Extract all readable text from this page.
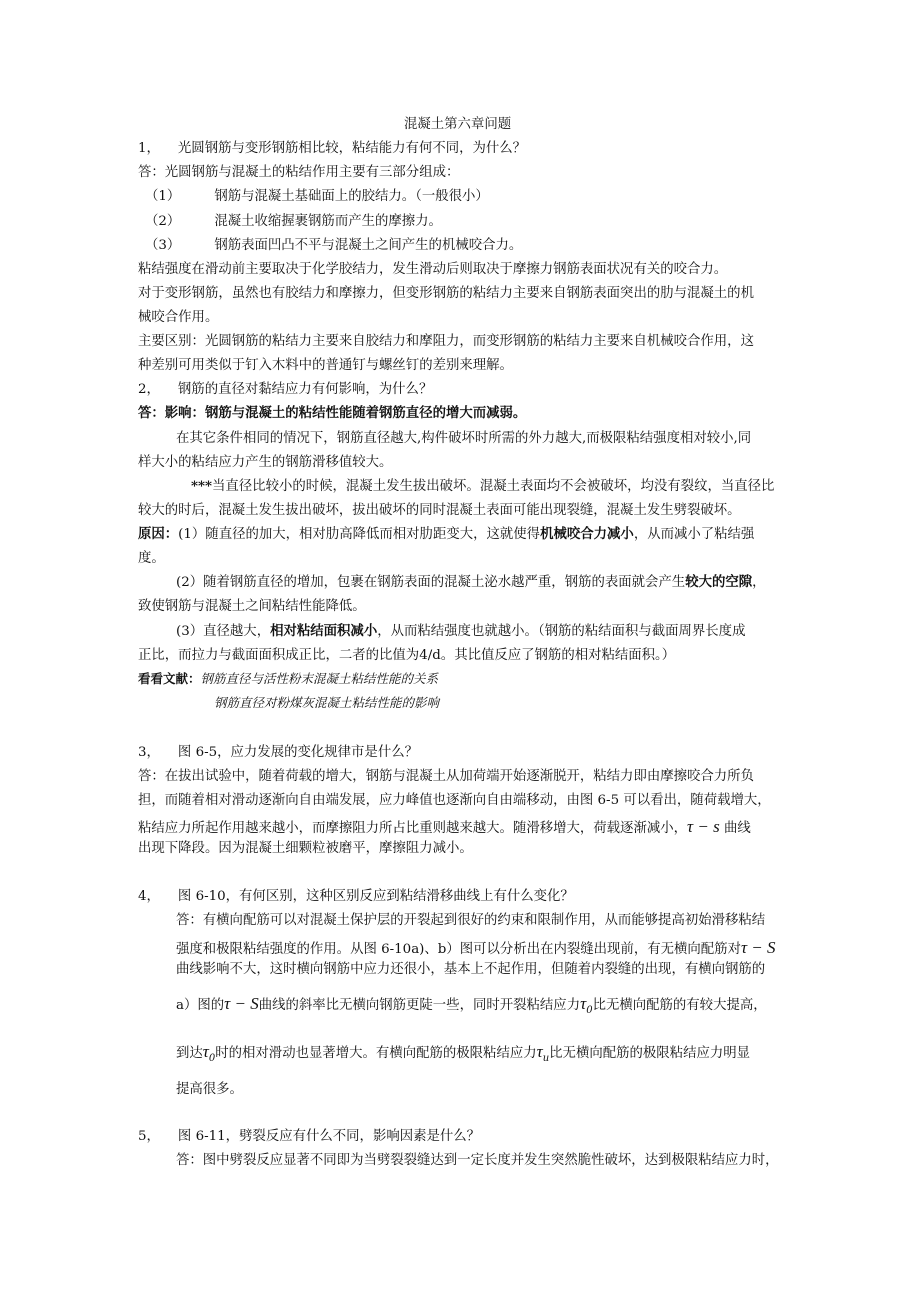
混凝土第六章问题
1， 光圆钢筋与变形钢筋相比较，粘结能力有何不同，为什么？
答：光圆钢筋与混凝土的粘结作用主要有三部分组成：
（1）	钢筋与混凝土基础面上的胶结力。（一般很小）
（2）	混凝土收缩握裹钢筋而产生的摩擦力。
（3）	钢筋表面凹凸不平与混凝土之间产生的机械咬合力。
粘结强度在滑动前主要取决于化学胶结力，发生滑动后则取决于摩擦力钢筋表面状况有关的咬合力。
对于变形钢筋，虽然也有胶结力和摩擦力，但变形钢筋的粘结力主要来自钢筋表面突出的肋与混凝土的机
械咬合作用。
主要区别：光圆钢筋的粘结力主要来自胶结力和摩阻力，而变形钢筋的粘结力主要来自机械咬合作用，这
种差别可用类似于钉入木料中的普通钉与螺丝钉的差别来理解。
2， 钢筋的直径对黏结应力有何影响，为什么？
答：影响：钢筋与混凝土的粘结性能随着钢筋直径的增大而减弱。
在其它条件相同的情况下，钢筋直径越大,构件破坏时所需的外力越大,而极限粘结强度相对较小,同
样大小的粘结应力产生的钢筋滑移值较大。
***当直径比较小的时候，混凝土发生拔出破坏。混凝土表面均不会被破坏，均没有裂纹，当直径比
较大的时后，混凝土发生拔出破坏，拔出破坏的同时混凝土表面可能出现裂缝，混凝土发生劈裂破坏。
原因：(1）随直径的加大，相对肋高降低而相对肋距变大，这就使得机械咬合力减小，从而减小了粘结强
度。
(2）随着钢筋直径的增加，包裹在钢筋表面的混凝土泌水越严重，钢筋的表面就会产生较大的空隙，
致使钢筋与混凝土之间粘结性能降低。
(3）直径越大，相对粘结面积减小，从而粘结强度也就越小。（钢筋的粘结面积与截面周界长度成
正比，而拉力与截面面积成正比，二者的比值为4/d。其比值反应了钢筋的相对粘结面积。）
看看文献：钢筋直径与活性粉末混凝土粘结性能的关系
钢筋直径对粉煤灰混凝土粘结性能的影响
3， 图 6-5，应力发展的变化规律市是什么？
答：在拔出试验中，随着荷载的增大，钢筋与混凝土从加荷端开始逐渐脱开，粘结力即由摩擦咬合力所负
担，而随着相对滑动逐渐向自由端发展，应力峰值也逐渐向自由端移动，由图 6-5 可以看出，随荷载增大，
粘结应力所起作用越来越小，而摩擦阻力所占比重则越来越大。随滑移增大，荷载逐渐减小，τ − s 曲线
出现下降段。因为混凝土细颗粒被磨平，摩擦阻力减小。
4， 图 6-10，有何区别，这种区别反应到粘结滑移曲线上有什么变化？
答：有横向配筋可以对混凝土保护层的开裂起到很好的约束和限制作用，从而能够提高初始滑移粘结
强度和极限粘结强度的作用。从图 6-10a)、b）图可以分析出在内裂缝出现前，有无横向配筋对τ − S
曲线影响不大，这时横向钢筋中应力还很小，基本上不起作用，但随着内裂缝的出现，有横向钢筋的
a）图的τ − S曲线的斜率比无横向钢筋更陡一些，同时开裂粘结应力$\tau_0$比无横向配筋的有较大提高，
到达$\tau_0$时的相对滑动也显著增大。有横向配筋的极限粘结应力$\tau_u$比无横向配筋的极限粘结应力明显
提高很多。
5， 图 6-11，劈裂反应有什么不同，影响因素是什么？
答：图中劈裂反应显著不同即为当劈裂裂缝达到一定长度并发生突然脆性破坏，达到极限粘结应力时，
